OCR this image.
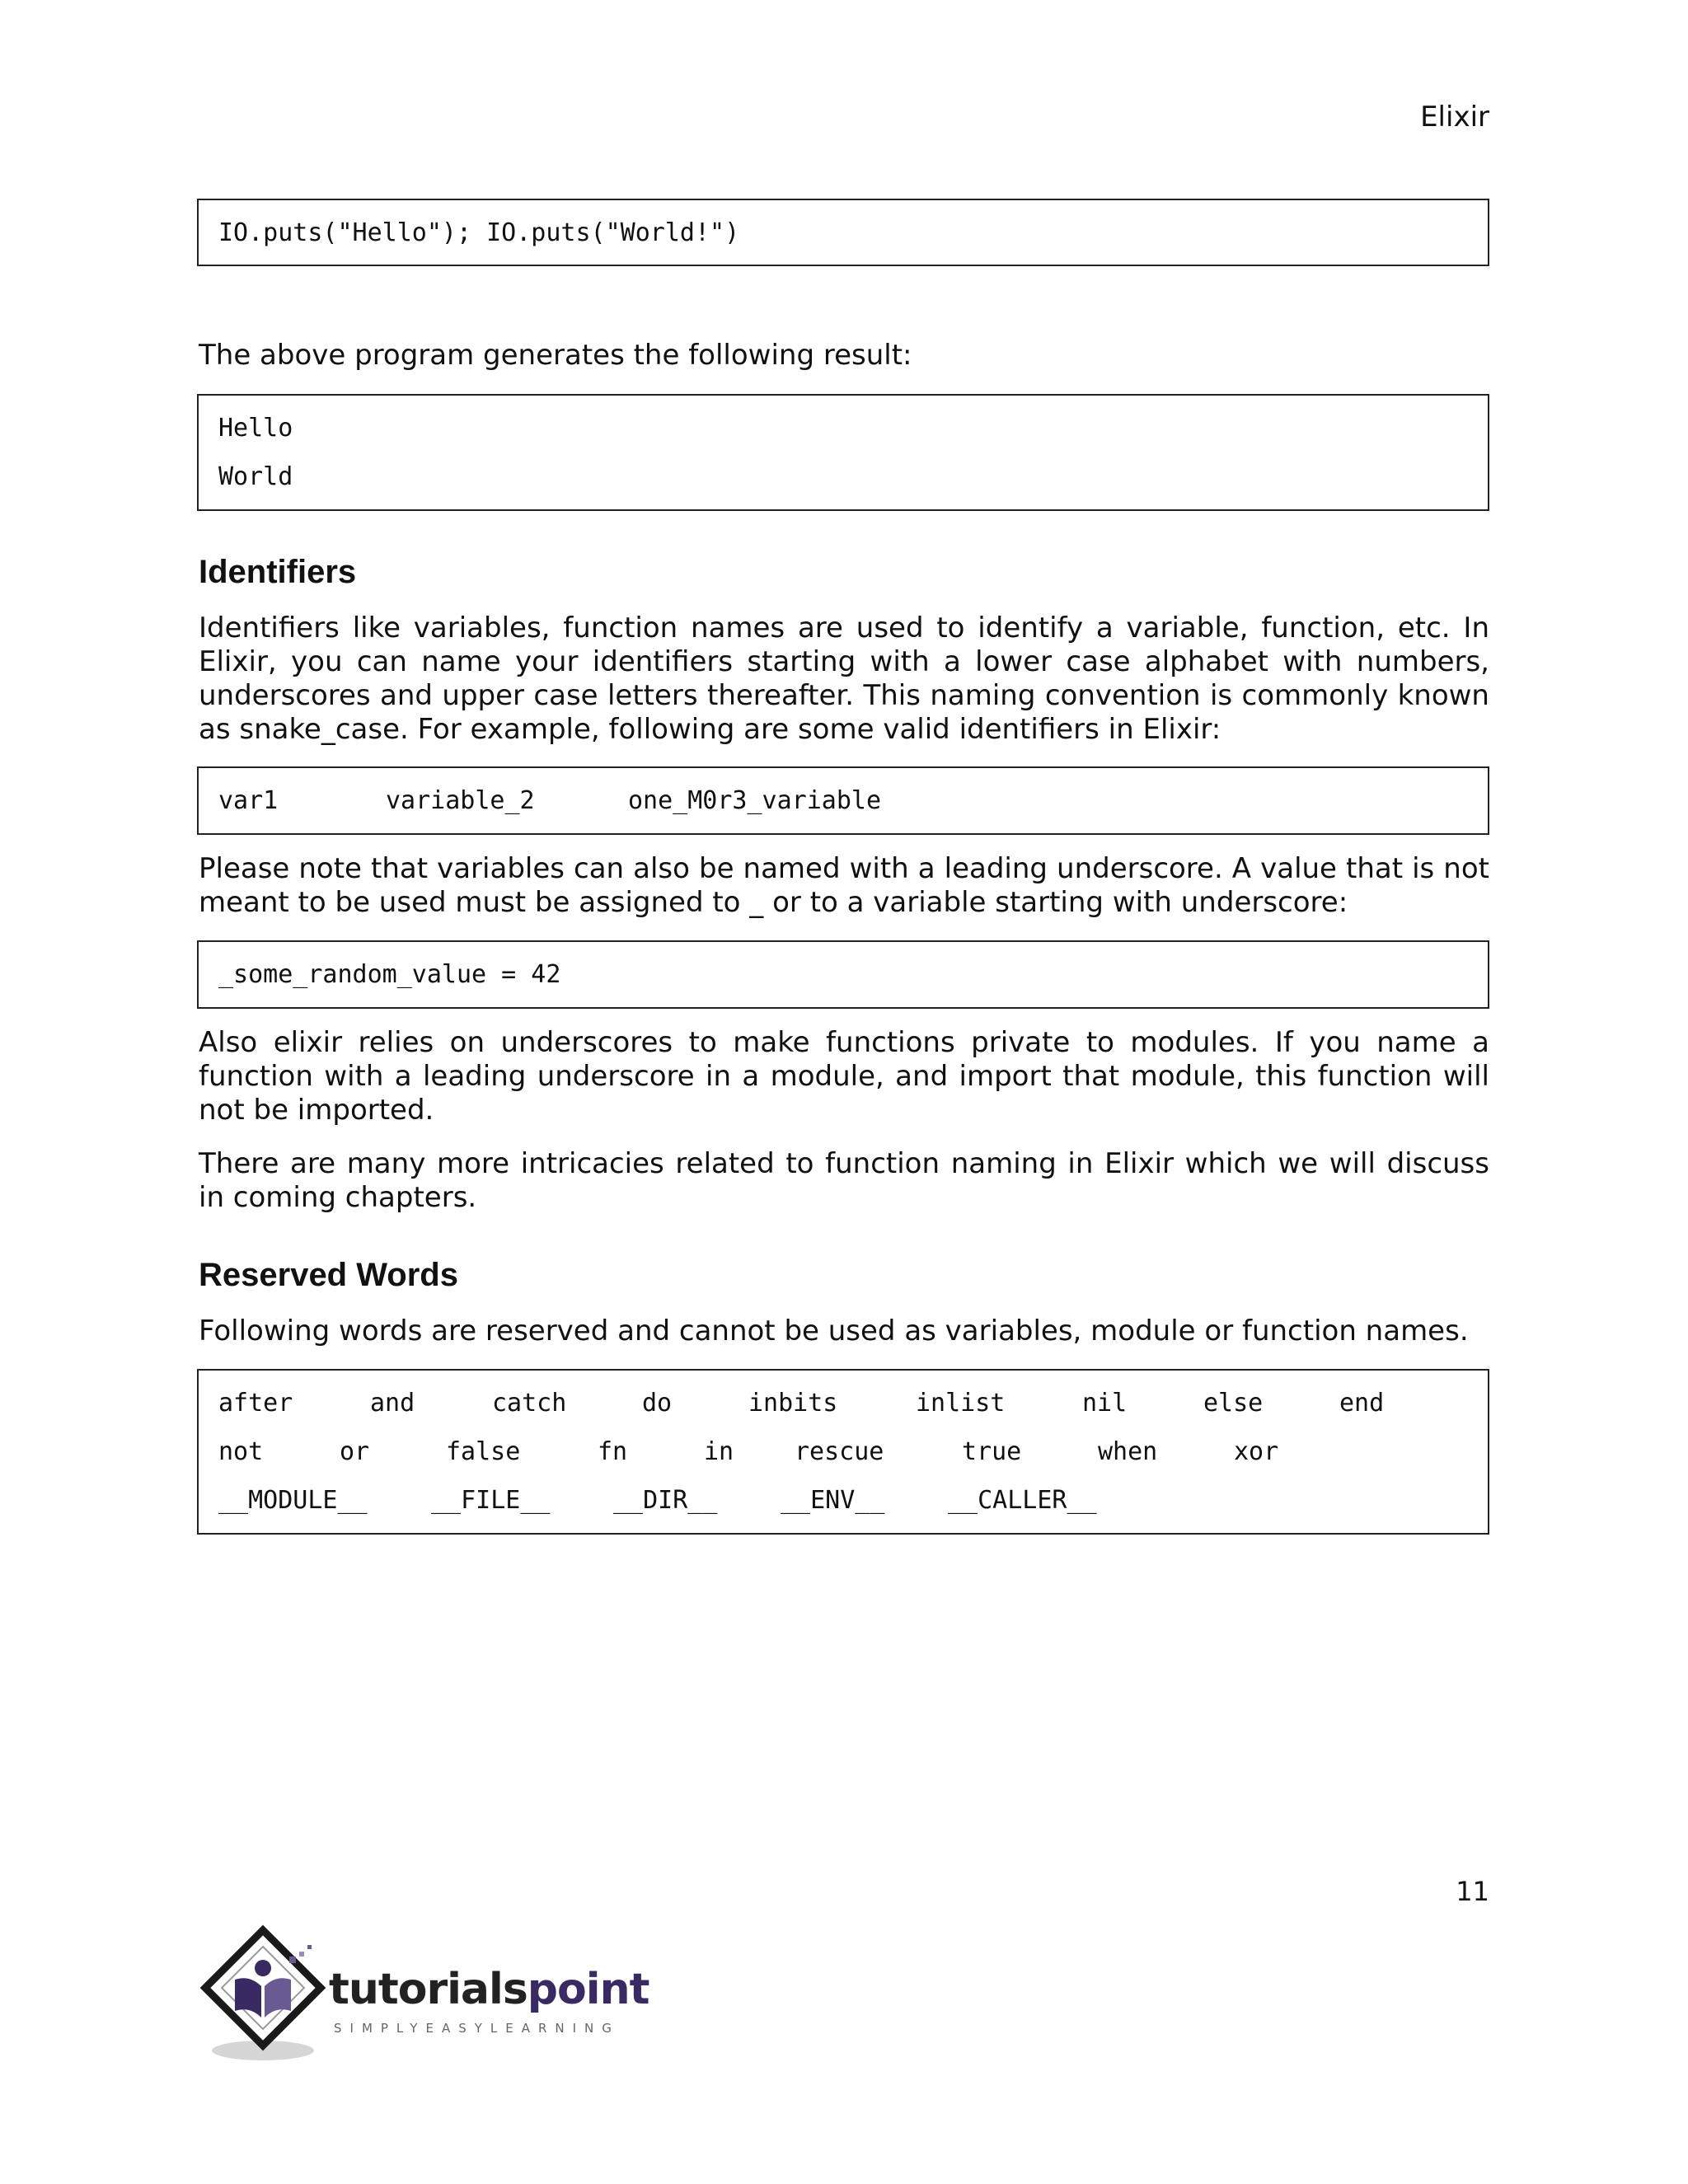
Elixir
IO.puts("Hello"); IO.puts("World!")
The above program generates the following result:
Hello
World
Identifiers
Identifiers like variables, function names are used to identify a variable, function, etc. In Elixir, you can name your identifiers starting with a lower case alphabet with numbers, underscores and upper case letters thereafter. This naming convention is commonly known as snake_case. For example, following are some valid identifiers in Elixir:
var1	variable_2	one_M0r3_variable
Please note that variables can also be named with a leading underscore. A value that is not meant to be used must be assigned to _ or to a variable starting with underscore:
_some_random_value = 42
Also elixir relies on underscores to make functions private to modules. If you name a function with a leading underscore in a module, and import that module, this function will not be imported.
There are many more intricacies related to function naming in Elixir which we will discuss in coming chapters.
Reserved Words
Following words are reserved and cannot be used as variables, module or function names.
after	and	catch	do	inbits	inlist	nil	else	end
not	or	false	fn	in	rescue	true	when	xor
__MODULE__	__FILE__	__DIR__	__ENV__	__CALLER__
11
tutorialspoint
SIMPLYEASYLEARNING
